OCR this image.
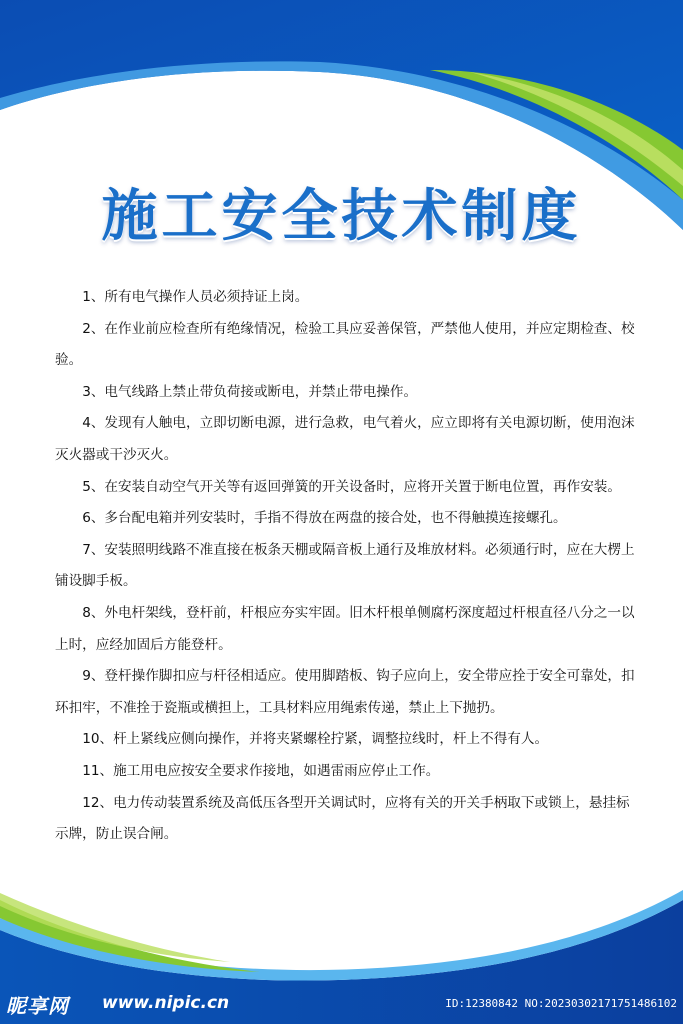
施工安全技术制度

1、所有电气操作人员必须持证上岗。

2、在作业前应检查所有绝缘情况，检验工具应妥善保管，严禁他人使用，并应定期检查、校验。

3、电气线路上禁止带负荷接或断电，并禁止带电操作。

4、发现有人触电，立即切断电源，进行急救，电气着火，应立即将有关电源切断，使用泡沫灭火器或干沙灭火。

5、在安装自动空气开关等有返回弹簧的开关设备时，应将开关置于断电位置，再作安装。

6、多台配电箱并列安装时，手指不得放在两盘的接合处，也不得触摸连接螺孔。

7、安装照明线路不准直接在板条天棚或隔音板上通行及堆放材料。必须通行时，应在大楞上铺设脚手板。

8、外电杆架线，登杆前，杆根应夯实牢固。旧木杆根单侧腐朽深度超过杆根直径八分之一以上时，应经加固后方能登杆。

9、登杆操作脚扣应与杆径相适应。使用脚踏板、钩子应向上，安全带应拴于安全可靠处，扣环扣牢，不准拴于瓷瓶或横担上，工具材料应用绳索传递，禁止上下抛扔。

10、杆上紧线应侧向操作，并将夹紧螺栓拧紧，调整拉线时，杆上不得有人。

11、施工用电应按安全要求作接地，如遇雷雨应停止工作。

12、电力传动装置系统及高低压各型开关调试时，应将有关的开关手柄取下或锁上，悬挂标示牌，防止误合闸。

昵享网 www.nipic.cn	ID:12380842 NO:20230302171751486102
